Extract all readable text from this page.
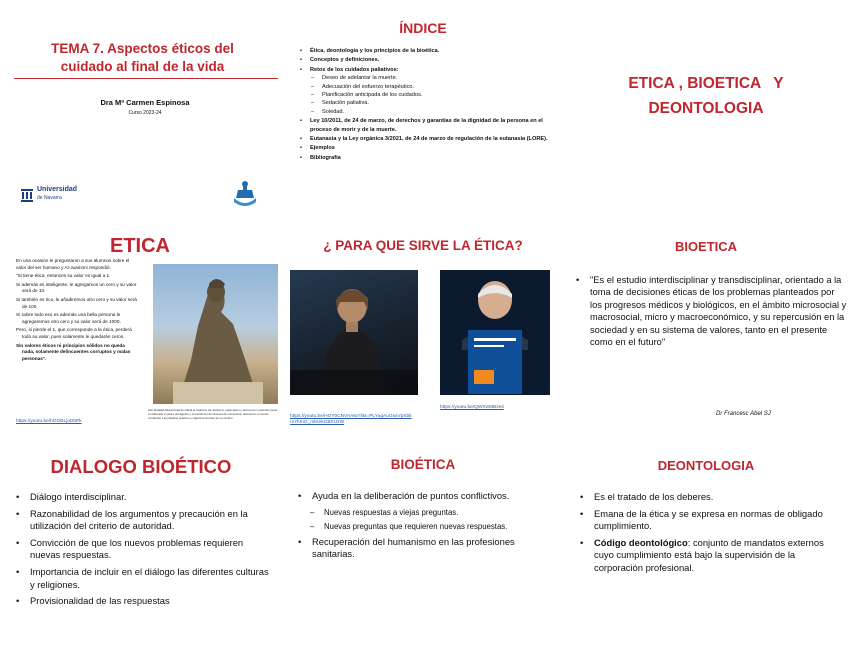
TEMA 7. Aspectos éticos del cuidado al final de la vida
Dra Mª Carmen Espinosa
Curso 2023-24
Universidad
de Navarra
ÍNDICE
• Ética, deontología y los principios de la bioética.
• Conceptos y definiciones.
• Retos de los cuidados paliativos:
– Deseo de adelantar la muerte.
– Adecuación del esfuerzo terapéutico.
– Planificación anticipada de los cuidados.
– Sedación paliativa.
– Soledad.
• Ley 10/2011, de 24 de marzo, de derechos y garantías de la dignidad de la persona en el proceso de morir y de la muerte.
• Eutanasia y la Ley orgánica 3/2021, de 24 de marzo de regulación de la eutanasia (LORE).
• Ejemplos
• Bibliografía
ETICA , BIOETICA   Y
DEONTOLOGIA
ETICA
En una ocasión le preguntaron a sus alumnos sobre el valor del ser humano y Al-Juarismi respondió:
"Si tiene ética, entonces su valor es igual a 1.
Si además es inteligente, le agregamos un cero y su valor será de 10.
Si también es rico, le añadiremos otro cero y su valor será de 100.
Si sobre todo eso es además una bella persona le agregaremos otro cero y su valor será de 1000.
Pero, si pierde el 1, que corresponde a la ética, perderá todo su valor, pues solamente le quedarán ceros.
Sin valores éticos ni principios sólidos no queda nada, solamente delincuentes corruptos y malas personas".
Abu Abdallah Muḥammad ibn Mūsā al-Jwārizmī (Al-Juarismi): matemático y astrónomo musulmán persa considerado el padre del álgebra y el introductor del sistema de numeración decimal en el mundo occidental. Las palabras guarismo y algoritmo derivan de su nombre.
https://youtu.be/hOGBLjoDbPk
¿ PARA QUE SIRVE LA ÉTICA?
https://youtu.be/HOY0CNVAAlw?list=PLYugAuGsxVpXbknr7hrnG_mlKekGBXUzW
https://youtu.be/QWXwMBzeti
BIOETICA
• "Es el estudio interdisciplinar y transdisciplinar, orientado a la toma de decisiones éticas de los problemas planteados por los progresos médicos y biológicos, en el ámbito microsocial y macrosocial, micro y macroeconómico, y su repercusión en la sociedad y en su sistema de valores, tanto en el presente como en el futuro"
Dr Francesc Abel SJ
DIALOGO BIOÉTICO
• Diálogo interdisciplinar.
• Razonabilidad de los argumentos y precaución en la utilización del criterio de autoridad.
• Convicción de que los nuevos problemas requieren nuevas respuestas.
• Importancia de incluir en el diálogo las diferentes culturas y religiones.
• Provisionalidad de las respuestas
BIOÉTICA
• Ayuda en la deliberación de puntos conflictivos.
– Nuevas respuestas a viejas preguntas.
– Nuevas preguntas que requieren nuevas respuestas.
• Recuperación del humanismo en las profesiones sanitarias.
DEONTOLOGIA
• Es el tratado de los deberes.
• Emana de la ética y se expresa en normas de obligado cumplimiento.
• Código deontológico: conjunto de mandatos externos cuyo cumplimiento está bajo la supervisión de la corporación profesional.
